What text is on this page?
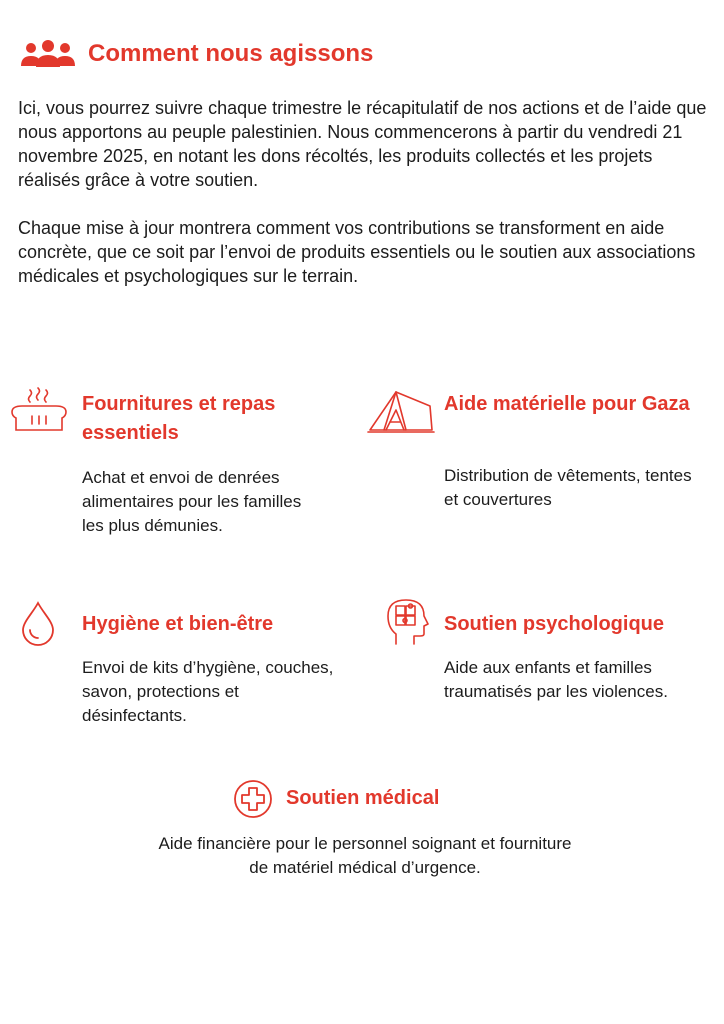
Comment nous agissons

Ici, vous pourrez suivre chaque trimestre le récapitulatif de nos actions et de l’aide que nous apportons au peuple palestinien. Nous commencerons à partir du vendredi 21 novembre 2025, en notant les dons récoltés, les produits collectés et les projets réalisés grâce à votre soutien.

Chaque mise à jour montrera comment vos contributions se transforment en aide concrète, que ce soit par l’envoi de produits essentiels ou le soutien aux associations médicales et psychologiques sur le terrain.

Fournitures et repas essentiels

Achat et envoi de denrées alimentaires pour les familles les plus démunies.

Aide matérielle pour Gaza

Distribution de vêtements, tentes et couvertures

Hygiène et bien-être

Envoi de kits d’hygiène, couches, savon, protections et désinfectants.

Soutien psychologique

Aide aux enfants et familles traumatisés par les violences.

Soutien médical

Aide financière pour le personnel soignant et fourniture de matériel médical d’urgence.
